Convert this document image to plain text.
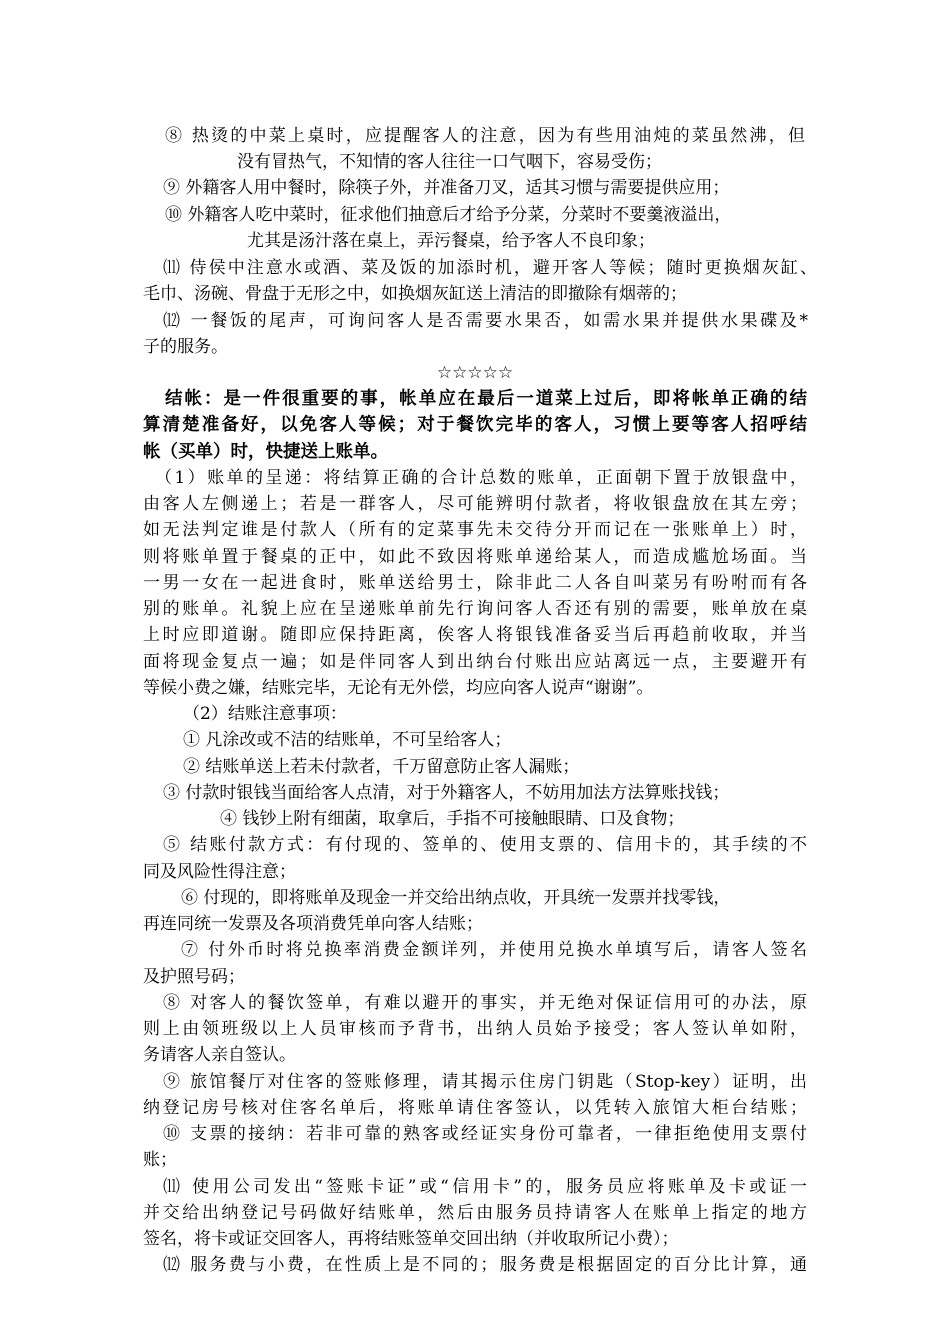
⑧ 热烫的中菜上桌时，应提醒客人的注意，因为有些用油炖的菜虽然沸，但
没有冒热气，不知情的客人往往一口气咽下，容易受伤；
⑨ 外籍客人用中餐时，除筷子外，并准备刀叉，适其习惯与需要提供应用；
⑩ 外籍客人吃中菜时，征求他们抽意后才给予分菜，分菜时不要羹液溢出，
尤其是汤汁落在桌上，弄污餐桌，给予客人不良印象；
⑾ 侍侯中注意水或酒、菜及饭的加添时机，避开客人等候；随时更换烟灰缸、
毛巾、汤碗、骨盘于无形之中，如换烟灰缸送上清洁的即撤除有烟蒂的；
⑿ 一餐饭的尾声，可询问客人是否需要水果否，如需水果并提供水果碟及*
子的服务。
☆☆☆☆☆
结帐：是一件很重要的事，帐单应在最后一道菜上过后，即将帐单正确的结
算清楚准备好，以免客人等候；对于餐饮完毕的客人，习惯上要等客人招呼结
帐（买单）时，快捷送上账单。
（1）账单的呈递：将结算正确的合计总数的账单，正面朝下置于放银盘中，
由客人左侧递上；若是一群客人，尽可能辨明付款者，将收银盘放在其左旁；
如无法判定谁是付款人（所有的定菜事先未交待分开而记在一张账单上）时，
则将账单置于餐桌的正中，如此不致因将账单递给某人，而造成尴尬场面。当
一男一女在一起进食时，账单送给男士，除非此二人各自叫菜另有吩咐而有各
别的账单。礼貌上应在呈递账单前先行询问客人否还有别的需要，账单放在桌
上时应即道谢。随即应保持距离，俟客人将银钱准备妥当后再趋前收取，并当
面将现金复点一遍；如是伴同客人到出纳台付账出应站离远一点，主要避开有
等候小费之嫌，结账完毕，无论有无外偿，均应向客人说声“谢谢”。
（2）结账注意事项：
① 凡涂改或不洁的结账单，不可呈给客人；
② 结账单送上若未付款者，千万留意防止客人漏账；
③ 付款时银钱当面给客人点清，对于外籍客人，不妨用加法方法算账找钱；
④ 钱钞上附有细菌，取拿后，手指不可接触眼睛、口及食物；
⑤ 结账付款方式：有付现的、签单的、使用支票的、信用卡的，其手续的不
同及风险性得注意；
⑥ 付现的，即将账单及现金一并交给出纳点收，开具统一发票并找零钱，
再连同统一发票及各项消费凭单向客人结账；
⑦ 付外币时将兑换率消费金额详列，并使用兑换水单填写后，请客人签名
及护照号码；
⑧ 对客人的餐饮签单，有难以避开的事实，并无绝对保证信用可的办法，原
则上由领班级以上人员审核而予背书，出纳人员始予接受；客人签认单如附，
务请客人亲自签认。
⑨ 旅馆餐厅对住客的签账修理，请其揭示住房门钥匙（Stop-key）证明，出
纳登记房号核对住客名单后，将账单请住客签认，以凭转入旅馆大柜台结账；
⑩ 支票的接纳：若非可靠的熟客或经证实身份可靠者，一律拒绝使用支票付
账；
⑾ 使用公司发出“签账卡证”或“信用卡”的，服务员应将账单及卡或证一
并交给出纳登记号码做好结账单，然后由服务员持请客人在账单上指定的地方
签名，将卡或证交回客人，再将结账签单交回出纳（并收取所记小费）；
⑿ 服务费与小费，在性质上是不同的；服务费是根据固定的百分比计算，通
